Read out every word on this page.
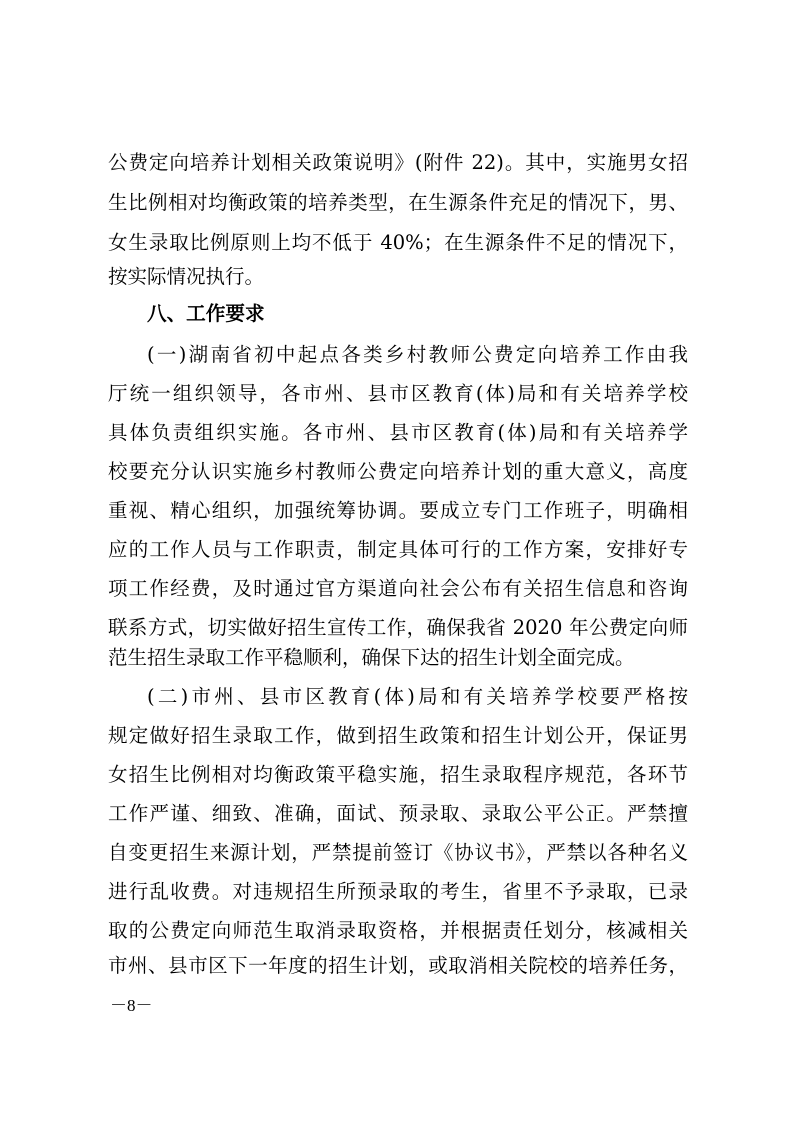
公费定向培养计划相关政策说明》(附件 22)。其中，实施男女招
生比例相对均衡政策的培养类型，在生源条件充足的情况下，男、
女生录取比例原则上均不低于 40%；在生源条件不足的情况下，
按实际情况执行。
八、工作要求
(一)湖南省初中起点各类乡村教师公费定向培养工作由我
厅统一组织领导，各市州、县市区教育(体)局和有关培养学校
具体负责组织实施。各市州、县市区教育(体)局和有关培养学
校要充分认识实施乡村教师公费定向培养计划的重大意义，高度
重视、精心组织，加强统筹协调。要成立专门工作班子，明确相
应的工作人员与工作职责，制定具体可行的工作方案，安排好专
项工作经费，及时通过官方渠道向社会公布有关招生信息和咨询
联系方式，切实做好招生宣传工作，确保我省 2020 年公费定向师
范生招生录取工作平稳顺利，确保下达的招生计划全面完成。
(二)市州、县市区教育(体)局和有关培养学校要严格按
规定做好招生录取工作，做到招生政策和招生计划公开，保证男
女招生比例相对均衡政策平稳实施，招生录取程序规范，各环节
工作严谨、细致、准确，面试、预录取、录取公平公正。严禁擅
自变更招生来源计划，严禁提前签订《协议书》，严禁以各种名义
进行乱收费。对违规招生所预录取的考生，省里不予录取，已录
取的公费定向师范生取消录取资格，并根据责任划分，核减相关
市州、县市区下一年度的招生计划，或取消相关院校的培养任务，
－8－
